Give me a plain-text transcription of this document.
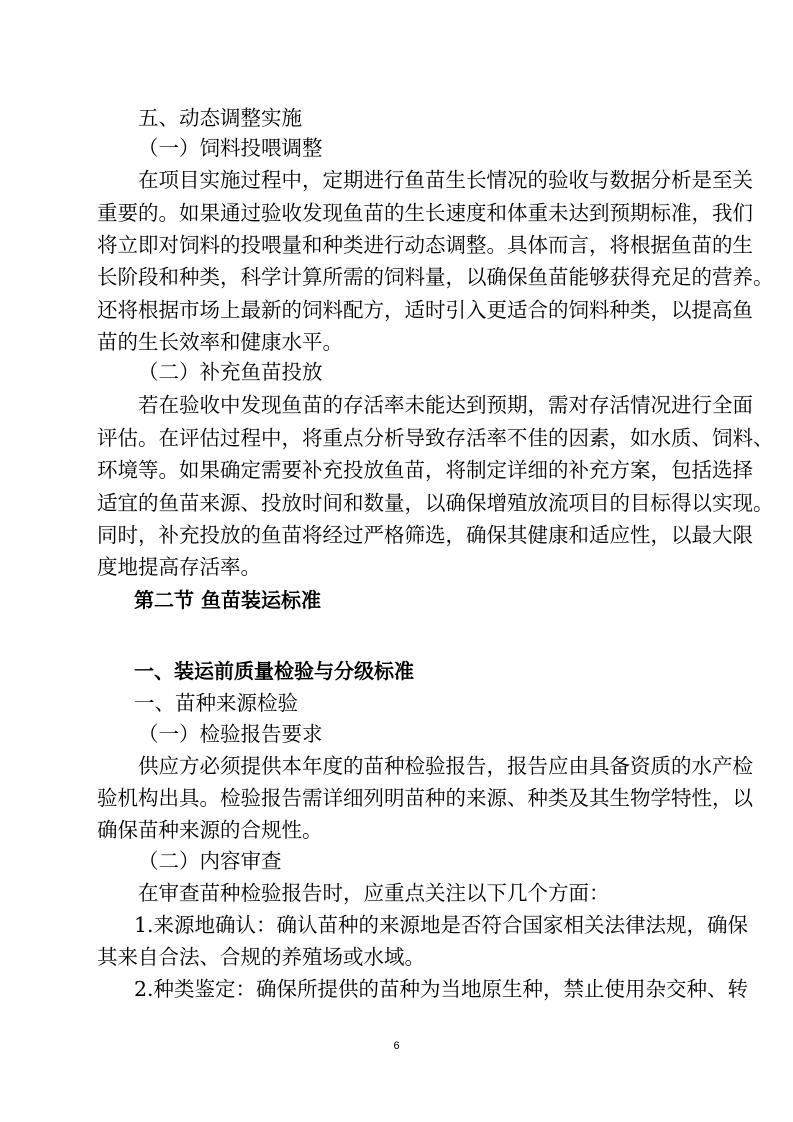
五、动态调整实施
（一）饲料投喂调整
在项目实施过程中，定期进行鱼苗生长情况的验收与数据分析是至关
重要的。如果通过验收发现鱼苗的生长速度和体重未达到预期标准，我们
将立即对饲料的投喂量和种类进行动态调整。具体而言，将根据鱼苗的生
长阶段和种类，科学计算所需的饲料量，以确保鱼苗能够获得充足的营养。
还将根据市场上最新的饲料配方，适时引入更适合的饲料种类，以提高鱼
苗的生长效率和健康水平。
（二）补充鱼苗投放
若在验收中发现鱼苗的存活率未能达到预期，需对存活情况进行全面
评估。在评估过程中，将重点分析导致存活率不佳的因素，如水质、饲料、
环境等。如果确定需要补充投放鱼苗，将制定详细的补充方案，包括选择
适宜的鱼苗来源、投放时间和数量，以确保增殖放流项目的目标得以实现。
同时，补充投放的鱼苗将经过严格筛选，确保其健康和适应性，以最大限
度地提高存活率。
第二节 鱼苗装运标准
一、装运前质量检验与分级标准
一、苗种来源检验
（一）检验报告要求
供应方必须提供本年度的苗种检验报告，报告应由具备资质的水产检
验机构出具。检验报告需详细列明苗种的来源、种类及其生物学特性，以
确保苗种来源的合规性。
（二）内容审查
在审查苗种检验报告时，应重点关注以下几个方面：
1.来源地确认：确认苗种的来源地是否符合国家相关法律法规，确保
其来自合法、合规的养殖场或水域。
2.种类鉴定：确保所提供的苗种为当地原生种，禁止使用杂交种、转
6
